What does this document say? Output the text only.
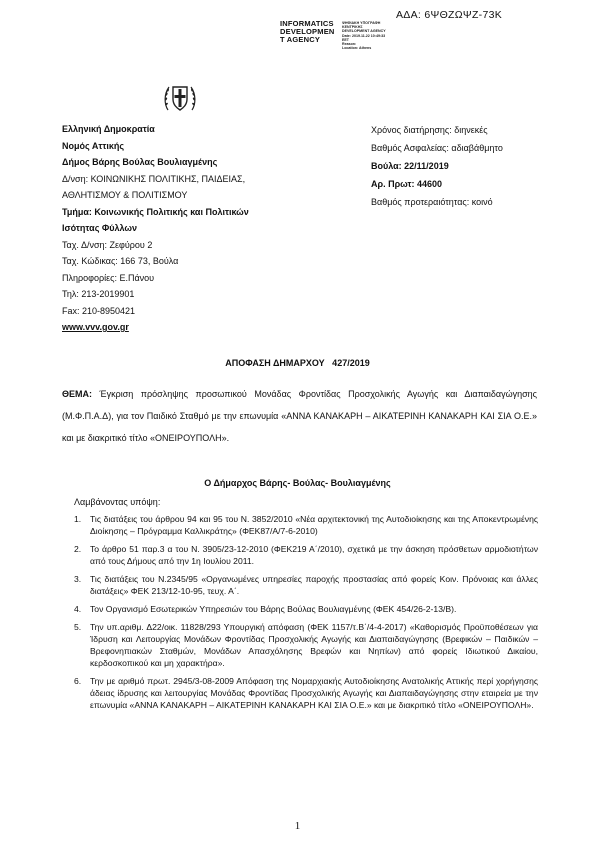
ΑΔΑ: 6ΨΘΖΩΨΖ-73Κ
INFORMATICS
DEVELOPMEN
T AGENCY
ΨΗΦΙΑΚΗ ΥΠΟΓΡΑΦΗ
ΚΕΝΤΡΙΚΗΣ
DEVELOPMENT AGENCY
Date: 2019.11.22 10:49:33
EET
Reason:
Location: Athens
Ελληνική Δημοκρατία
Νομός Αττικής
Δήμος Βάρης Βούλας Βουλιαγμένης
Δ/νση: ΚΟΙΝΩΝΙΚΗΣ ΠΟΛΙΤΙΚΗΣ, ΠΑΙΔΕΙΑΣ,
ΑΘΛΗΤΙΣΜΟΥ & ΠΟΛΙΤΙΣΜΟΥ
Τμήμα: Κοινωνικής Πολιτικής και Πολιτικών
Ισότητας Φύλλων
Ταχ. Δ/νση: Ζεφύρου 2
Ταχ. Κώδικας: 166 73, Βούλα
Πληροφορίες: Ε.Πάνου
Τηλ: 213-2019901
Fax: 210-8950421
www.vvv.gov.gr
Χρόνος διατήρησης: διηνεκές
Βαθμός Ασφαλείας: αδιαβάθμητο
Βούλα: 22/11/2019
Αρ. Πρωτ: 44600
Βαθμός προτεραιότητας: κοινό
ΑΠΟΦΑΣΗ ΔΗΜΑΡΧΟΥ   427/2019
ΘΕΜΑ: Έγκριση πρόσληψης προσωπικού Μονάδας Φροντίδας Προσχολικής Αγωγής και Διαπαιδαγώγησης (Μ.Φ.Π.Α.Δ), για τον Παιδικό Σταθμό με την επωνυμία «ΑΝΝΑ ΚΑΝΑΚΑΡΗ – ΑΙΚΑΤΕΡΙΝΗ ΚΑΝΑΚΑΡΗ ΚΑΙ ΣΙΑ Ο.Ε.» και με διακριτικό τίτλο «ΟΝΕΙΡΟΥΠΟΛΗ».
Ο Δήμαρχος Βάρης- Βούλας- Βουλιαγμένης
Λαμβάνοντας υπόψη:
1. Τις διατάξεις του άρθρου 94 και 95 του Ν. 3852/2010 «Νέα αρχιτεκτονική της Αυτοδιοίκησης και της Αποκεντρωμένης Διοίκησης – Πρόγραμμα Καλλικράτης» (ΦΕΚ87/Α/7-6-2010)
2. Το άρθρο 51 παρ.3 α του Ν. 3905/23-12-2010 (ΦΕΚ219 Α΄/2010), σχετικά με την άσκηση πρόσθετων αρμοδιοτήτων από τους Δήμους από την 1η Ιουλίου 2011.
3. Τις διατάξεις του Ν.2345/95 «Οργανωμένες υπηρεσίες παροχής προστασίας από φορείς Κοιν. Πρόνοιας και άλλες διατάξεις» ΦΕΚ 213/12-10-95, τευχ. Α΄.
4. Τον Οργανισμό Εσωτερικών Υπηρεσιών του Βάρης Βούλας Βουλιαγμένης (ΦΕΚ 454/26-2-13/Β).
5. Την υπ.αριθμ. Δ22/οικ. 11828/293 Υπουργική απόφαση (ΦΕΚ 1157/τ.Β΄/4-4-2017) «Καθορισμός Προϋποθέσεων για Ίδρυση και Λειτουργίας Μονάδων Φροντίδας Προσχολικής Αγωγής και Διαπαιδαγώγησης (Βρεφικών – Παιδικών – Βρεφονηπιακών Σταθμών, Μονάδων Απασχόλησης Βρεφών και Νηπίων) από φορείς Ιδιωτικού Δικαίου, κερδοσκοπικού και μη χαρακτήρα».
6. Την με αριθμό πρωτ. 2945/3-08-2009 Απόφαση της Νομαρχιακής Αυτοδιοίκησης Ανατολικής Αττικής περί χορήγησης άδειας ίδρυσης και λειτουργίας Μονάδας Φροντίδας Προσχολικής Αγωγής και Διαπαιδαγώγησης στην εταιρεία με την επωνυμία «ΑΝΝΑ ΚΑΝΑΚΑΡΗ – ΑΙΚΑΤΕΡΙΝΗ ΚΑΝΑΚΑΡΗ ΚΑΙ ΣΙΑ Ο.Ε.» και με διακριτικό τίτλο «ΟΝΕΙΡΟΥΠΟΛΗ».
1
